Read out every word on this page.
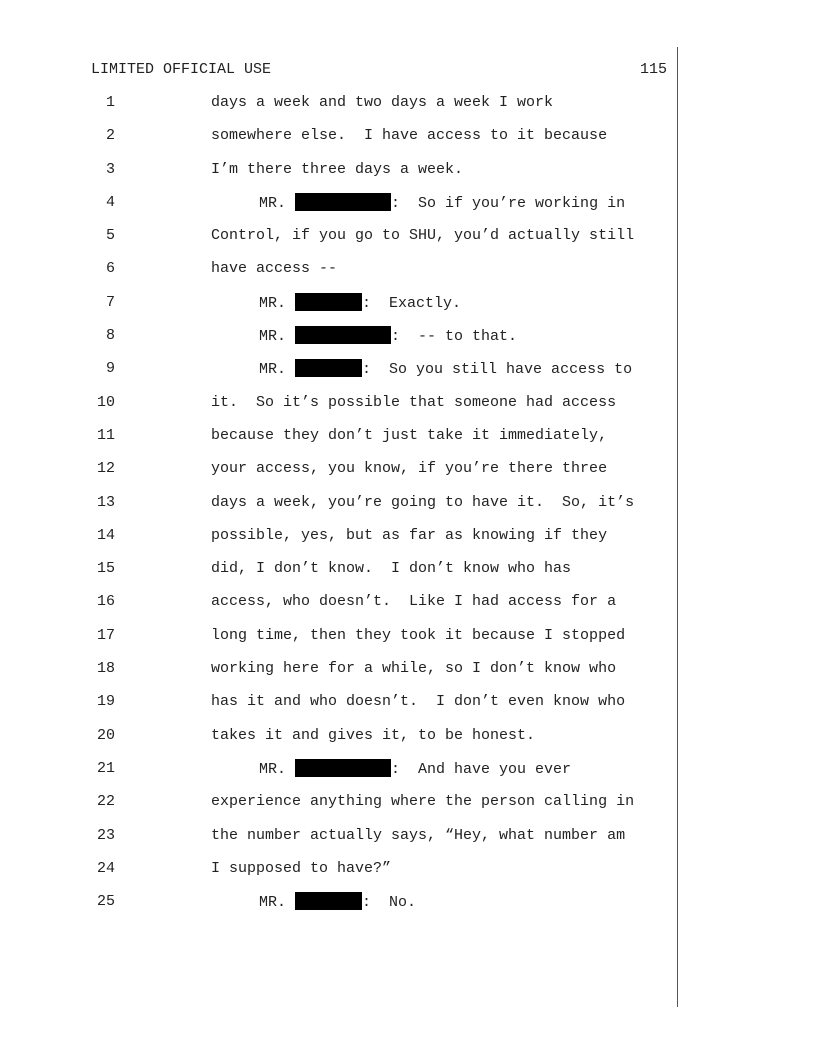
LIMITED OFFICIAL USE	115
1	days a week and two days a week I work
2	somewhere else.  I have access to it because
3	I’m there three days a week.
4	MR.	:  So if you’re working in
5	Control, if you go to SHU, you’d actually still
6	have access --
7	MR.	:  Exactly.
8	MR.	:  -- to that.
9	MR.	:  So you still have access to
10	it.  So it’s possible that someone had access
11	because they don’t just take it immediately,
12	your access, you know, if you’re there three
13	days a week, you’re going to have it.  So, it’s
14	possible, yes, but as far as knowing if they
15	did, I don’t know.  I don’t know who has
16	access, who doesn’t.  Like I had access for a
17	long time, then they took it because I stopped
18	working here for a while, so I don’t know who
19	has it and who doesn’t.  I don’t even know who
20	takes it and gives it, to be honest.
21	MR.	:  And have you ever
22	experience anything where the person calling in
23	the number actually says, “Hey, what number am
24	I supposed to have?”
25	MR.	:  No.
